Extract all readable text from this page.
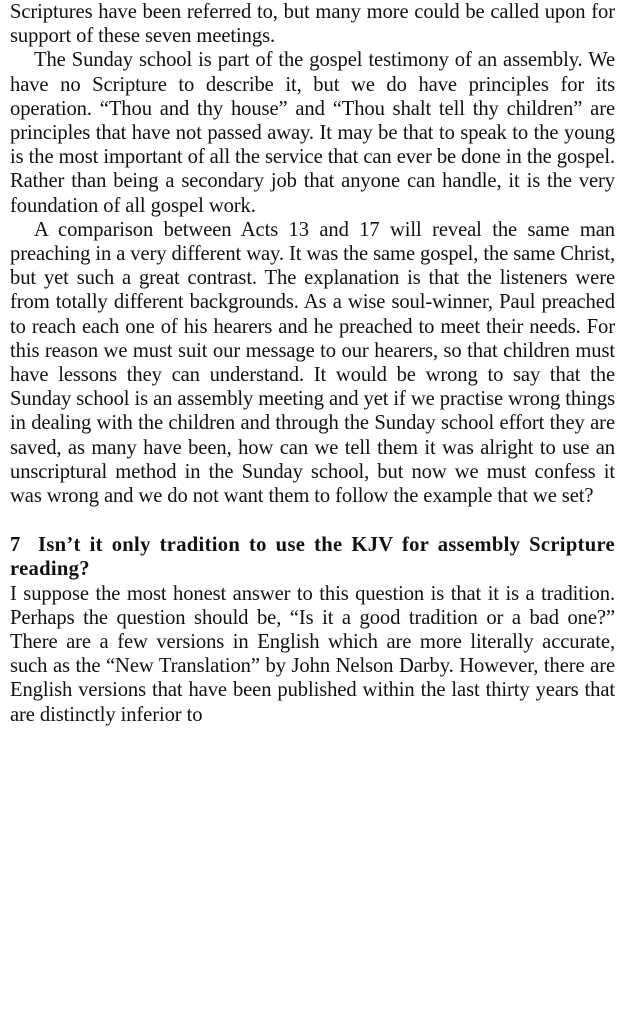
Scriptures have been referred to, but many more could be called upon for support of these seven meetings.

The Sunday school is part of the gospel testimony of an assembly. We have no Scripture to describe it, but we do have principles for its operation. “Thou and thy house” and “Thou shalt tell thy children” are principles that have not passed away. It may be that to speak to the young is the most important of all the service that can ever be done in the gospel. Rather than being a secondary job that anyone can handle, it is the very foundation of all gospel work.

A comparison between Acts 13 and 17 will reveal the same man preaching in a very different way. It was the same gospel, the same Christ, but yet such a great contrast. The explanation is that the listeners were from totally different backgrounds. As a wise soul-winner, Paul preached to reach each one of his hearers and he preached to meet their needs. For this reason we must suit our message to our hearers, so that children must have lessons they can understand. It would be wrong to say that the Sunday school is an assembly meeting and yet if we practise wrong things in dealing with the children and through the Sunday school effort they are saved, as many have been, how can we tell them it was alright to use an unscriptural method in the Sunday school, but now we must confess it was wrong and we do not want them to follow the example that we set?

7 Isn’t it only tradition to use the KJV for assembly Scripture reading?

I suppose the most honest answer to this question is that it is a tradition. Perhaps the question should be, “Is it a good tradition or a bad one?” There are a few versions in English which are more literally accurate, such as the “New Translation” by John Nelson Darby. However, there are English versions that have been published within the last thirty years that are distinctly inferior to
